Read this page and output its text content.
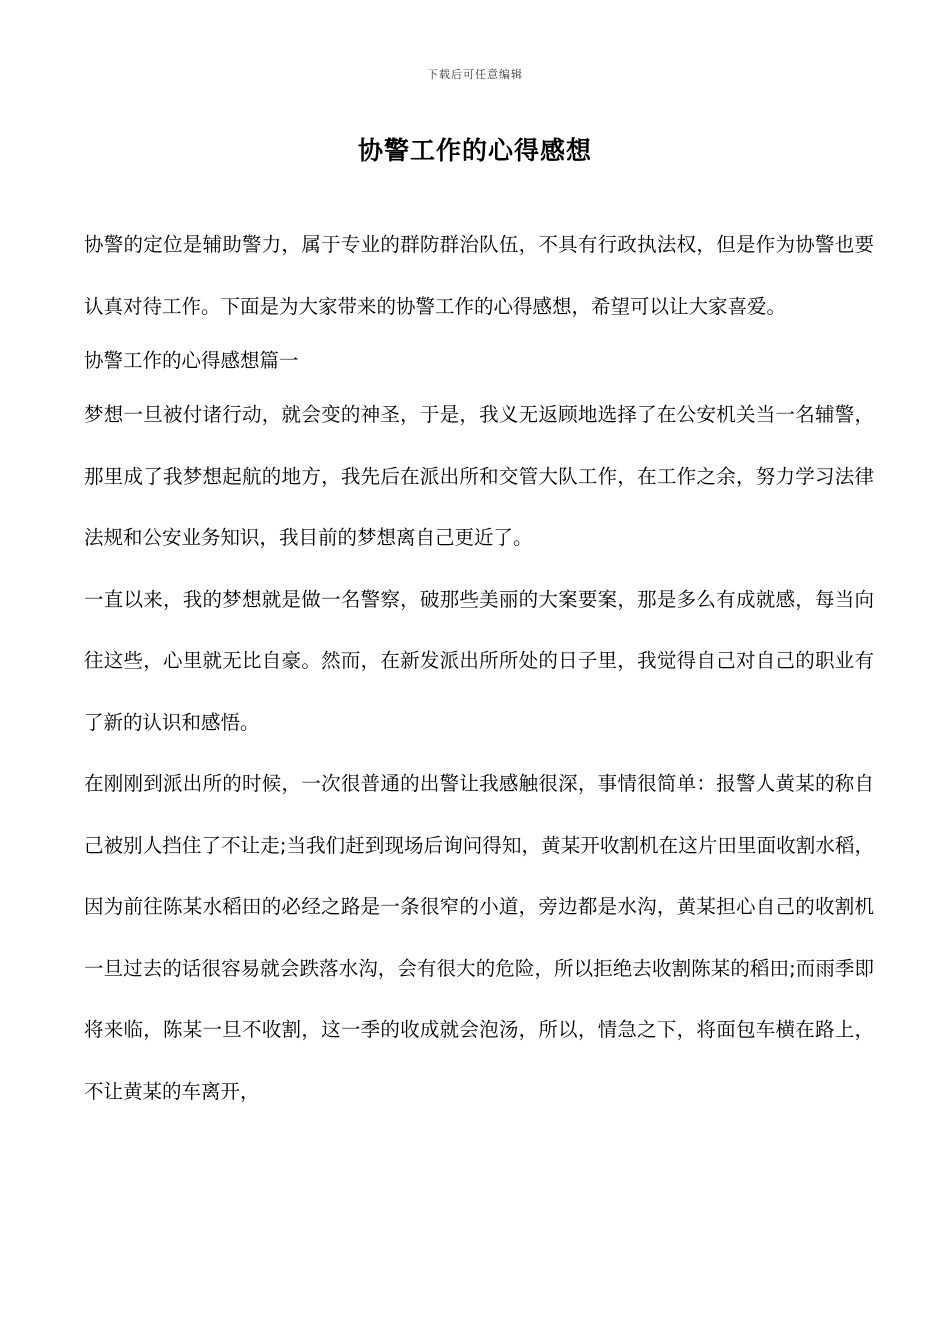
下载后可任意编辑
协警工作的心得感想

协警的定位是辅助警力，属于专业的群防群治队伍，不具有行政执法权，但是作为协警也要认真对待工作。下面是为大家带来的协警工作的心得感想，希望可以让大家喜爱。

协警工作的心得感想篇一

梦想一旦被付诸行动，就会变的神圣，于是，我义无返顾地选择了在公安机关当一名辅警，那里成了我梦想起航的地方，我先后在派出所和交管大队工作，在工作之余，努力学习法律法规和公安业务知识，我目前的梦想离自己更近了。

一直以来，我的梦想就是做一名警察，破那些美丽的大案要案，那是多么有成就感，每当向往这些，心里就无比自豪。然而，在新发派出所所处的日子里，我觉得自己对自己的职业有了新的认识和感悟。

在刚刚到派出所的时候，一次很普通的出警让我感触很深，事情很简单：报警人黄某的称自己被别人挡住了不让走;当我们赶到现场后询问得知，黄某开收割机在这片田里面收割水稻，因为前往陈某水稻田的必经之路是一条很窄的小道，旁边都是水沟，黄某担心自己的收割机一旦过去的话很容易就会跌落水沟，会有很大的危险，所以拒绝去收割陈某的稻田;而雨季即将来临，陈某一旦不收割，这一季的收成就会泡汤，所以，情急之下，将面包车横在路上，不让黄某的车离开，
